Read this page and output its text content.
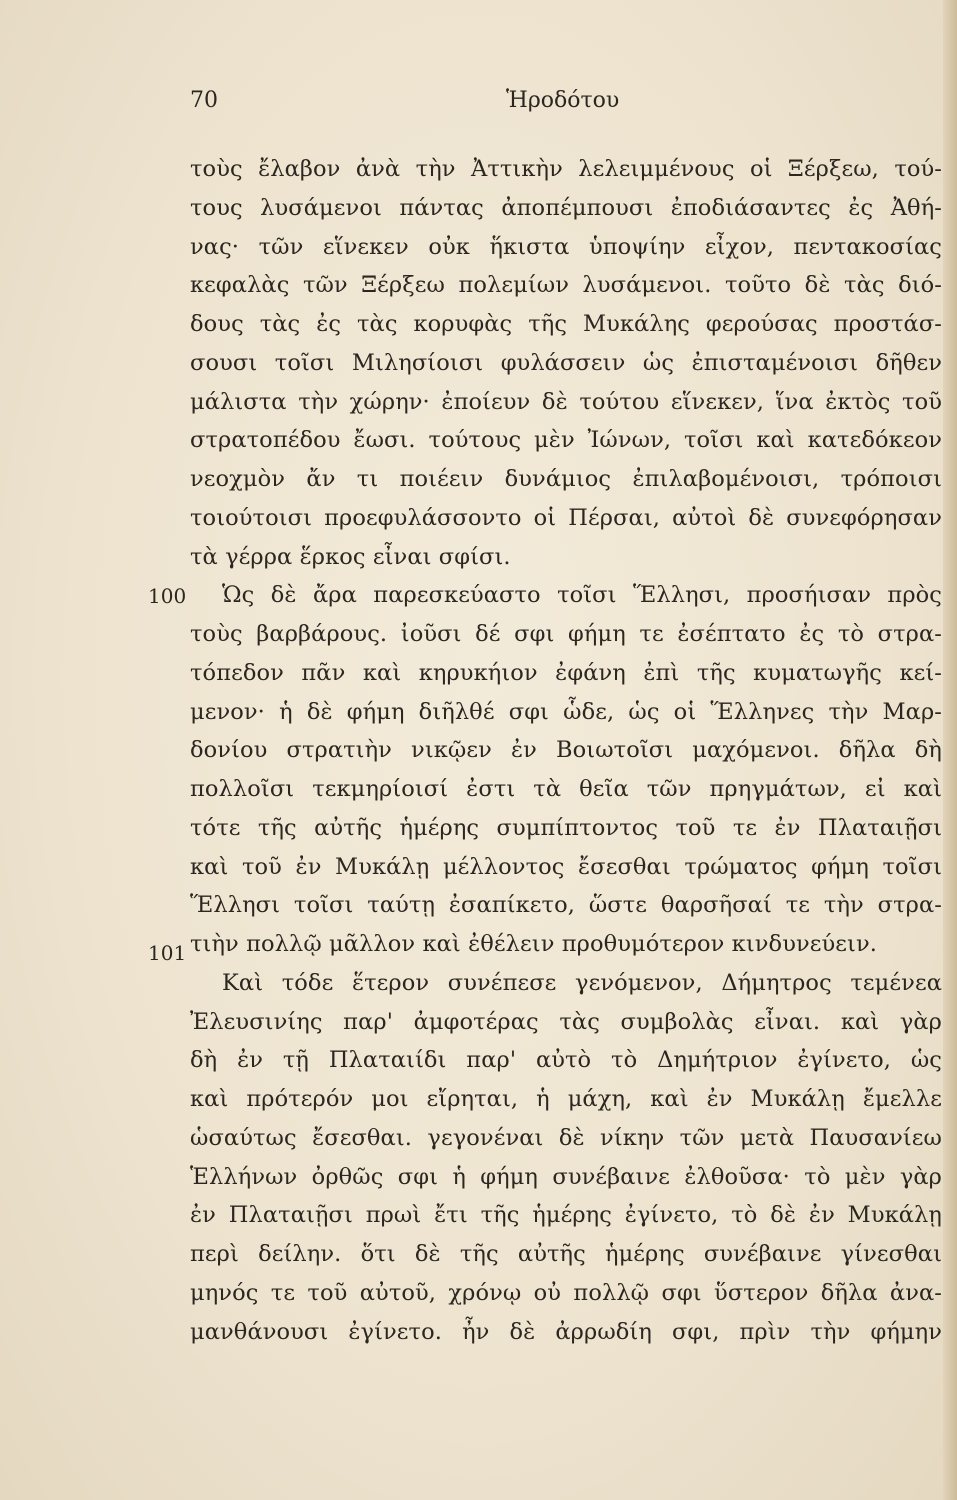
70	Ἡροδότου
100
101
τοὺς ἔλαβον ἀνὰ τὴν Ἀττικὴν λελειμμένους οἱ Ξέρξεω, τού-
τους λυσάμενοι πάντας ἀποπέμπουσι ἐποδιάσαντες ἐς Ἀθή-
νας· τῶν εἵνεκεν οὐκ ἥκιστα ὑποψίην εἶχον, πεντακοσίας
κεφαλὰς τῶν Ξέρξεω πολεμίων λυσάμενοι. τοῦτο δὲ τὰς διό-
δους τὰς ἐς τὰς κορυφὰς τῆς Μυκάλης φερούσας προστάσ-
σουσι τοῖσι Μιλησίοισι φυλάσσειν ὡς ἐπισταμένοισι δῆθεν
μάλιστα τὴν χώρην· ἐποίευν δὲ τούτου εἵνεκεν, ἵνα ἐκτὸς τοῦ
στρατοπέδου ἔωσι. τούτους μὲν Ἰώνων, τοῖσι καὶ κατεδόκεον
νεοχμὸν ἄν τι ποιέειν δυνάμιος ἐπιλαβομένοισι, τρόποισι
τοιούτοισι προεφυλάσσοντο οἱ Πέρσαι, αὐτοὶ δὲ συνεφόρησαν
τὰ γέρρα ἕρκος εἶναι σφίσι.
Ὡς δὲ ἄρα παρεσκεύαστο τοῖσι Ἕλλησι, προσήισαν πρὸς
τοὺς βαρβάρους. ἰοῦσι δέ σφι φήμη τε ἐσέπτατο ἐς τὸ στρα-
τόπεδον πᾶν καὶ κηρυκήιον ἐφάνη ἐπὶ τῆς κυματωγῆς κεί-
μενον· ἡ δὲ φήμη διῆλθέ σφι ὧδε, ὡς οἱ Ἕλληνες τὴν Μαρ-
δονίου στρατιὴν νικῷεν ἐν Βοιωτοῖσι μαχόμενοι. δῆλα δὴ
πολλοῖσι τεκμηρίοισί ἐστι τὰ θεῖα τῶν πρηγμάτων, εἰ καὶ
τότε τῆς αὐτῆς ἡμέρης συμπίπτοντος τοῦ τε ἐν Πλαταιῇσι
καὶ τοῦ ἐν Μυκάλῃ μέλλοντος ἔσεσθαι τρώματος φήμη τοῖσι
Ἕλλησι τοῖσι ταύτῃ ἐσαπίκετο, ὥστε θαρσῆσαί τε τὴν στρα-
τιὴν πολλῷ μᾶλλον καὶ ἐθέλειν προθυμότερον κινδυνεύειν.
Καὶ τόδε ἕτερον συνέπεσε γενόμενον, Δήμητρος τεμένεα
Ἐλευσινίης παρ' ἀμφοτέρας τὰς συμβολὰς εἶναι. καὶ γὰρ
δὴ ἐν τῇ Πλαταιίδι παρ' αὐτὸ τὸ Δημήτριον ἐγίνετο, ὡς
καὶ πρότερόν μοι εἴρηται, ἡ μάχη, καὶ ἐν Μυκάλῃ ἔμελλε
ὡσαύτως ἔσεσθαι. γεγονέναι δὲ νίκην τῶν μετὰ Παυσανίεω
Ἑλλήνων ὀρθῶς σφι ἡ φήμη συνέβαινε ἐλθοῦσα· τὸ μὲν γὰρ
ἐν Πλαταιῇσι πρωὶ ἔτι τῆς ἡμέρης ἐγίνετο, τὸ δὲ ἐν Μυκάλῃ
περὶ δείλην. ὅτι δὲ τῆς αὐτῆς ἡμέρης συνέβαινε γίνεσθαι
μηνός τε τοῦ αὐτοῦ, χρόνῳ οὐ πολλῷ σφι ὕστερον δῆλα ἀνα-
μανθάνουσι ἐγίνετο. ἦν δὲ ἀρρωδίη σφι, πρὶν τὴν φήμην
